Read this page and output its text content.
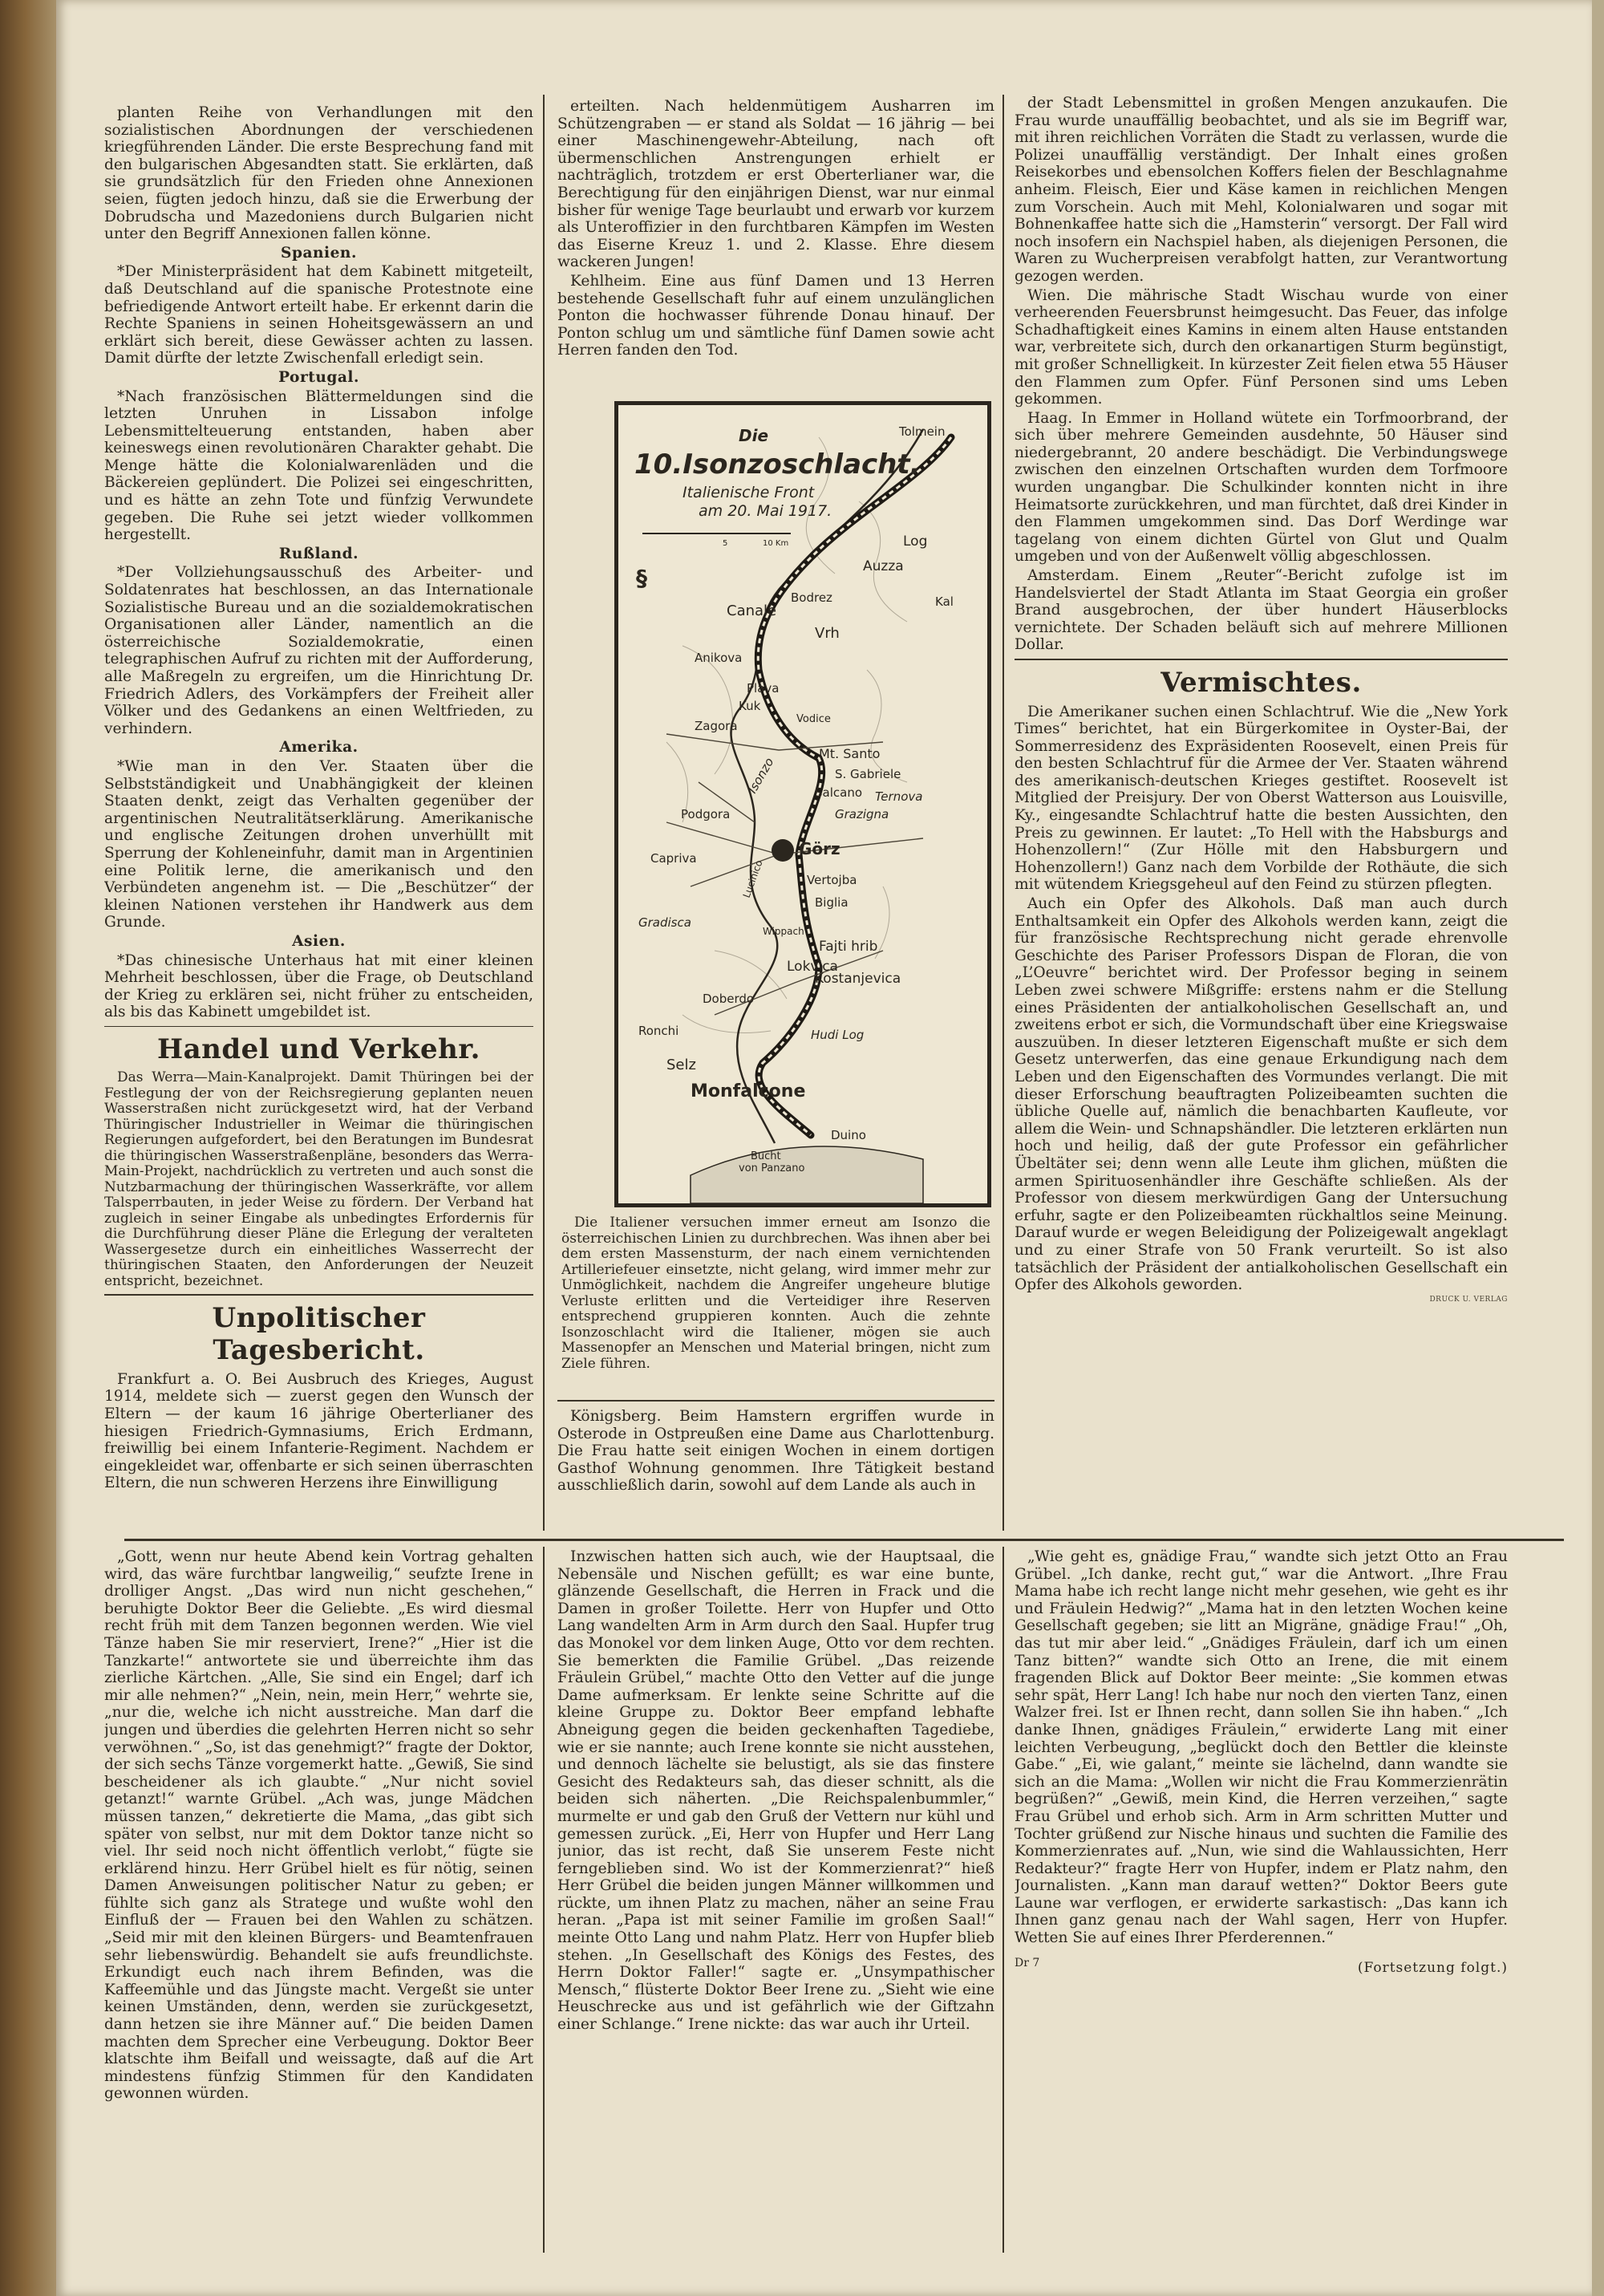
planten Reihe von Verhandlungen mit den sozialistischen Abordnungen der verschiedenen kriegführenden Länder. Die erste Besprechung fand mit den bulgarischen Abgesandten statt. Sie erklärten, daß sie grundsätzlich für den Frieden ohne Annexionen seien, fügten jedoch hinzu, daß sie die Erwerbung der Dobrudscha und Mazedoniens durch Bulgarien nicht unter den Begriff Annexionen fallen könne.

Spanien.

*Der Ministerpräsident hat dem Kabinett mitgeteilt, daß Deutschland auf die spanische Protestnote eine befriedigende Antwort erteilt habe. Er erkennt darin die Rechte Spaniens in seinen Hoheitsgewässern an und erklärt sich bereit, diese Gewässer achten zu lassen. Damit dürfte der letzte Zwischenfall erledigt sein.

Portugal.

*Nach französischen Blättermeldungen sind die letzten Unruhen in Lissabon infolge Lebensmittelteuerung entstanden, haben aber keineswegs einen revolutionären Charakter gehabt. Die Menge hätte die Kolonialwarenläden und die Bäckereien geplündert. Die Polizei sei eingeschritten, und es hätte an zehn Tote und fünfzig Verwundete gegeben. Die Ruhe sei jetzt wieder vollkommen hergestellt.

Rußland.

*Der Vollziehungsausschuß des Arbeiter- und Soldatenrates hat beschlossen, an das Internationale Sozialistische Bureau und an die sozialdemokratischen Organisationen aller Länder, namentlich an die österreichische Sozialdemokratie, einen telegraphischen Aufruf zu richten mit der Aufforderung, alle Maßregeln zu ergreifen, um die Hinrichtung Dr. Friedrich Adlers, des Vorkämpfers der Freiheit aller Völker und des Gedankens an einen Weltfrieden, zu verhindern.

Amerika.

*Wie man in den Ver. Staaten über die Selbstständigkeit und Unabhängigkeit der kleinen Staaten denkt, zeigt das Verhalten gegenüber der argentinischen Neutralitätserklärung. Amerikanische und englische Zeitungen drohen unverhüllt mit Sperrung der Kohleneinfuhr, damit man in Argentinien eine Politik lerne, die amerikanisch und den Verbündeten angenehm ist. — Die „Beschützer“ der kleinen Nationen verstehen ihr Handwerk aus dem Grunde.

Asien.

*Das chinesische Unterhaus hat mit einer kleinen Mehrheit beschlossen, über die Frage, ob Deutschland der Krieg zu erklären sei, nicht früher zu entscheiden, als bis das Kabinett umgebildet ist.

Handel und Verkehr.

Das Werra—Main-Kanalprojekt. Damit Thüringen bei der Festlegung der von der Reichsregierung geplanten neuen Wasserstraßen nicht zurückgesetzt wird, hat der Verband Thüringischer Industrieller in Weimar die thüringischen Regierungen aufgefordert, bei den Beratungen im Bundesrat die thüringischen Wasserstraßenpläne, besonders das Werra-Main-Projekt, nachdrücklich zu vertreten und auch sonst die Nutzbarmachung der thüringischen Wasserkräfte, vor allem Talsperrbauten, in jeder Weise zu fördern. Der Verband hat zugleich in seiner Eingabe als unbedingtes Erfordernis für die Durchführung dieser Pläne die Erlegung der veralteten Wassergesetze durch ein einheitliches Wasserrecht der thüringischen Staaten, den Anforderungen der Neuzeit entspricht, bezeichnet.

Unpolitischer Tagesbericht.

Frankfurt a. O. Bei Ausbruch des Krieges, August 1914, meldete sich — zuerst gegen den Wunsch der Eltern — der kaum 16 jährige Oberterlianer des hiesigen Friedrich-Gymnasiums, Erich Erdmann, freiwillig bei einem Infanterie-Regiment. Nachdem er eingekleidet war, offenbarte er sich seinen überraschten Eltern, die nun schweren Herzens ihre Einwilligung

erteilten. Nach heldenmütigem Ausharren im Schützengraben — er stand als Soldat — 16 jährig — bei einer Maschinengewehr-Abteilung, nach oft übermenschlichen Anstrengungen erhielt er nachträglich, trotzdem er erst Oberterlianer war, die Berechtigung für den einjährigen Dienst, war nur einmal bisher für wenige Tage beurlaubt und erwarb vor kurzem als Unteroffizier in den furchtbaren Kämpfen im Westen das Eiserne Kreuz 1. und 2. Klasse. Ehre diesem wackeren Jungen!

Kehlheim. Eine aus fünf Damen und 13 Herren bestehende Gesellschaft fuhr auf einem unzulänglichen Ponton die hochwasser führende Donau hinauf. Der Ponton schlug um und sämtliche fünf Damen sowie acht Herren fanden den Tod.

Die
10.Isonzoschlacht.
Italienische Front
am 20. Mai 1917.
5	10 Km
§
Tolmein
Log
Auzza
Canale
Bodrez
Vrh
Kal
Anikova
Plava
Kuk
Vodice
Zagora
Mt. Santo
S. Gabriele
Salcano Ternova
Podgora
Isonzo
Grazigna
Görz
Lucinico
Capriva
Vertojba
Biglia
Gradisca
Wippach
Fajti hrib
Lokvica
Kostanjevica
Doberdo
Hudi Log
Ronchi
Selz
Monfalcone
Duino
Bucht
von Panzano

Die Italiener versuchen immer erneut am Isonzo die österreichischen Linien zu durchbrechen. Was ihnen aber bei dem ersten Massensturm, der nach einem vernichtenden Artilleriefeuer einsetzte, nicht gelang, wird immer mehr zur Unmöglichkeit, nachdem die Angreifer ungeheure blutige Verluste erlitten und die Verteidiger ihre Reserven entsprechend gruppieren konnten. Auch die zehnte Isonzoschlacht wird die Italiener, mögen sie auch Massenopfer an Menschen und Material bringen, nicht zum Ziele führen.

Königsberg. Beim Hamstern ergriffen wurde in Osterode in Ostpreußen eine Dame aus Charlottenburg. Die Frau hatte seit einigen Wochen in einem dortigen Gasthof Wohnung genommen. Ihre Tätigkeit bestand ausschließlich darin, sowohl auf dem Lande als auch in

der Stadt Lebensmittel in großen Mengen anzukaufen. Die Frau wurde unauffällig beobachtet, und als sie im Begriff war, mit ihren reichlichen Vorräten die Stadt zu verlassen, wurde die Polizei unauffällig verständigt. Der Inhalt eines großen Reisekorbes und ebensolchen Koffers fielen der Beschlagnahme anheim. Fleisch, Eier und Käse kamen in reichlichen Mengen zum Vorschein. Auch mit Mehl, Kolonialwaren und sogar mit Bohnenkaffee hatte sich die „Hamsterin“ versorgt. Der Fall wird noch insofern ein Nachspiel haben, als diejenigen Personen, die Waren zu Wucherpreisen verabfolgt hatten, zur Verantwortung gezogen werden.

Wien. Die mährische Stadt Wischau wurde von einer verheerenden Feuersbrunst heimgesucht. Das Feuer, das infolge Schadhaftigkeit eines Kamins in einem alten Hause entstanden war, verbreitete sich, durch den orkanartigen Sturm begünstigt, mit großer Schnelligkeit. In kürzester Zeit fielen etwa 55 Häuser den Flammen zum Opfer. Fünf Personen sind ums Leben gekommen.

Haag. In Emmer in Holland wütete ein Torfmoorbrand, der sich über mehrere Gemeinden ausdehnte, 50 Häuser sind niedergebrannt, 20 andere beschädigt. Die Verbindungswege zwischen den einzelnen Ortschaften wurden dem Torfmoore wurden ungangbar. Die Schulkinder konnten nicht in ihre Heimatsorte zurückkehren, und man fürchtet, daß drei Kinder in den Flammen umgekommen sind. Das Dorf Werdinge war tagelang von einem dichten Gürtel von Glut und Qualm umgeben und von der Außenwelt völlig abgeschlossen.

Amsterdam. Einem „Reuter“-Bericht zufolge ist im Handelsviertel der Stadt Atlanta im Staat Georgia ein großer Brand ausgebrochen, der über hundert Häuserblocks vernichtete. Der Schaden beläuft sich auf mehrere Millionen Dollar.

Vermischtes.

Die Amerikaner suchen einen Schlachtruf. Wie die „New York Times“ berichtet, hat ein Bürgerkomitee in Oyster-Bai, der Sommerresidenz des Expräsidenten Roosevelt, einen Preis für den besten Schlachtruf für die Armee der Ver. Staaten während des amerikanisch-deutschen Krieges gestiftet. Roosevelt ist Mitglied der Preisjury. Der von Oberst Watterson aus Louisville, Ky., eingesandte Schlachtruf hatte die besten Aussichten, den Preis zu gewinnen. Er lautet: „To Hell with the Habsburgs and Hohenzollern!“ (Zur Hölle mit den Habsburgern und Hohenzollern!) Ganz nach dem Vorbilde der Rothäute, die sich mit wütendem Kriegsgeheul auf den Feind zu stürzen pflegten.

Auch ein Opfer des Alkohols. Daß man auch durch Enthaltsamkeit ein Opfer des Alkohols werden kann, zeigt die für französische Rechtsprechung nicht gerade ehrenvolle Geschichte des Pariser Professors Dispan de Floran, die von „L’Oeuvre“ berichtet wird. Der Professor beging in seinem Leben zwei schwere Mißgriffe: erstens nahm er die Stellung eines Präsidenten der antialkoholischen Gesellschaft an, und zweitens erbot er sich, die Vormundschaft über eine Kriegswaise auszuüben. In dieser letzteren Eigenschaft mußte er sich dem Gesetz unterwerfen, das eine genaue Erkundigung nach dem Leben und den Eigenschaften des Vormundes verlangt. Die mit dieser Erforschung beauftragten Polizeibeamten suchten die übliche Quelle auf, nämlich die benachbarten Kaufleute, vor allem die Wein- und Schnapshändler. Die letzteren erklärten nun hoch und heilig, daß der gute Professor ein gefährlicher Übeltäter sei; denn wenn alle Leute ihm glichen, müßten die armen Spirituosenhändler ihre Geschäfte schließen. Als der Professor von diesem merkwürdigen Gang der Untersuchung erfuhr, sagte er den Polizeibeamten rückhaltlos seine Meinung. Darauf wurde er wegen Beleidigung der Polizeigewalt angeklagt und zu einer Strafe von 50 Frank verurteilt. So ist also tatsächlich der Präsident der antialkoholischen Gesellschaft ein Opfer des Alkohols geworden.

DRUCK U. VERLAG

„Gott, wenn nur heute Abend kein Vortrag gehalten wird, das wäre furchtbar langweilig,“ seufzte Irene in drolliger Angst. „Das wird nun nicht geschehen,“ beruhigte Doktor Beer die Geliebte. „Es wird diesmal recht früh mit dem Tanzen begonnen werden. Wie viel Tänze haben Sie mir reserviert, Irene?“ „Hier ist die Tanzkarte!“ antwortete sie und überreichte ihm das zierliche Kärtchen. „Alle, Sie sind ein Engel; darf ich mir alle nehmen?“ „Nein, nein, mein Herr,“ wehrte sie, „nur die, welche ich nicht ausstreiche. Man darf die jungen und überdies die gelehrten Herren nicht so sehr verwöhnen.“ „So, ist das genehmigt?“ fragte der Doktor, der sich sechs Tänze vorgemerkt hatte. „Gewiß, Sie sind bescheidener als ich glaubte.“ „Nur nicht soviel getanzt!“ warnte Grübel. „Ach was, junge Mädchen müssen tanzen,“ dekretierte die Mama, „das gibt sich später von selbst, nur mit dem Doktor tanze nicht so viel. Ihr seid noch nicht öffentlich verlobt,“ fügte sie erklärend hinzu. Herr Grübel hielt es für nötig, seinen Damen Anweisungen politischer Natur zu geben; er fühlte sich ganz als Stratege und wußte wohl den Einfluß der — Frauen bei den Wahlen zu schätzen. „Seid mir mit den kleinen Bürgers- und Beamtenfrauen sehr liebenswürdig. Behandelt sie aufs freundlichste. Erkundigt euch nach ihrem Befinden, was die Kaffeemühle und das Jüngste macht. Vergeßt sie unter keinen Umständen, denn, werden sie zurückgesetzt, dann hetzen sie ihre Männer auf.“ Die beiden Damen machten dem Sprecher eine Verbeugung. Doktor Beer klatschte ihm Beifall und weissagte, daß auf die Art mindestens fünfzig Stimmen für den Kandidaten gewonnen würden.

Inzwischen hatten sich auch, wie der Hauptsaal, die Nebensäle und Nischen gefüllt; es war eine bunte, glänzende Gesellschaft, die Herren in Frack und die Damen in großer Toilette. Herr von Hupfer und Otto Lang wandelten Arm in Arm durch den Saal. Hupfer trug das Monokel vor dem linken Auge, Otto vor dem rechten. Sie bemerkten die Familie Grübel. „Das reizende Fräulein Grübel,“ machte Otto den Vetter auf die junge Dame aufmerksam. Er lenkte seine Schritte auf die kleine Gruppe zu. Doktor Beer empfand lebhafte Abneigung gegen die beiden geckenhaften Tagediebe, wie er sie nannte; auch Irene konnte sie nicht ausstehen, und dennoch lächelte sie belustigt, als sie das finstere Gesicht des Redakteurs sah, das dieser schnitt, als die beiden sich näherten. „Die Reichspalenbummler,“ murmelte er und gab den Gruß der Vettern nur kühl und gemessen zurück. „Ei, Herr von Hupfer und Herr Lang junior, das ist recht, daß Sie unserem Feste nicht ferngeblieben sind. Wo ist der Kommerzienrat?“ hieß Herr Grübel die beiden jungen Männer willkommen und rückte, um ihnen Platz zu machen, näher an seine Frau heran. „Papa ist mit seiner Familie im großen Saal!“ meinte Otto Lang und nahm Platz. Herr von Hupfer blieb stehen. „In Gesellschaft des Königs des Festes, des Herrn Doktor Faller!“ sagte er. „Unsympathischer Mensch,“ flüsterte Doktor Beer Irene zu. „Sieht wie eine Heuschrecke aus und ist gefährlich wie der Giftzahn einer Schlange.“ Irene nickte: das war auch ihr Urteil.

„Wie geht es, gnädige Frau,“ wandte sich jetzt Otto an Frau Grübel. „Ich danke, recht gut,“ war die Antwort. „Ihre Frau Mama habe ich recht lange nicht mehr gesehen, wie geht es ihr und Fräulein Hedwig?“ „Mama hat in den letzten Wochen keine Gesellschaft gegeben; sie litt an Migräne, gnädige Frau!“ „Oh, das tut mir aber leid.“ „Gnädiges Fräulein, darf ich um einen Tanz bitten?“ wandte sich Otto an Irene, die mit einem fragenden Blick auf Doktor Beer meinte: „Sie kommen etwas sehr spät, Herr Lang! Ich habe nur noch den vierten Tanz, einen Walzer frei. Ist er Ihnen recht, dann sollen Sie ihn haben.“ „Ich danke Ihnen, gnädiges Fräulein,“ erwiderte Lang mit einer leichten Verbeugung, „beglückt doch den Bettler die kleinste Gabe.“ „Ei, wie galant,“ meinte sie lächelnd, dann wandte sie sich an die Mama: „Wollen wir nicht die Frau Kommerzienrätin begrüßen?“ „Gewiß, mein Kind, die Herren verzeihen,“ sagte Frau Grübel und erhob sich. Arm in Arm schritten Mutter und Tochter grüßend zur Nische hinaus und suchten die Familie des Kommerzienrates auf. „Nun, wie sind die Wahlaussichten, Herr Redakteur?“ fragte Herr von Hupfer, indem er Platz nahm, den Journalisten. „Kann man darauf wetten?“ Doktor Beers gute Laune war verflogen, er erwiderte sarkastisch: „Das kann ich Ihnen ganz genau nach der Wahl sagen, Herr von Hupfer. Wetten Sie auf eines Ihrer Pferderennen.“

Dr 7	(Fortsetzung folgt.)
